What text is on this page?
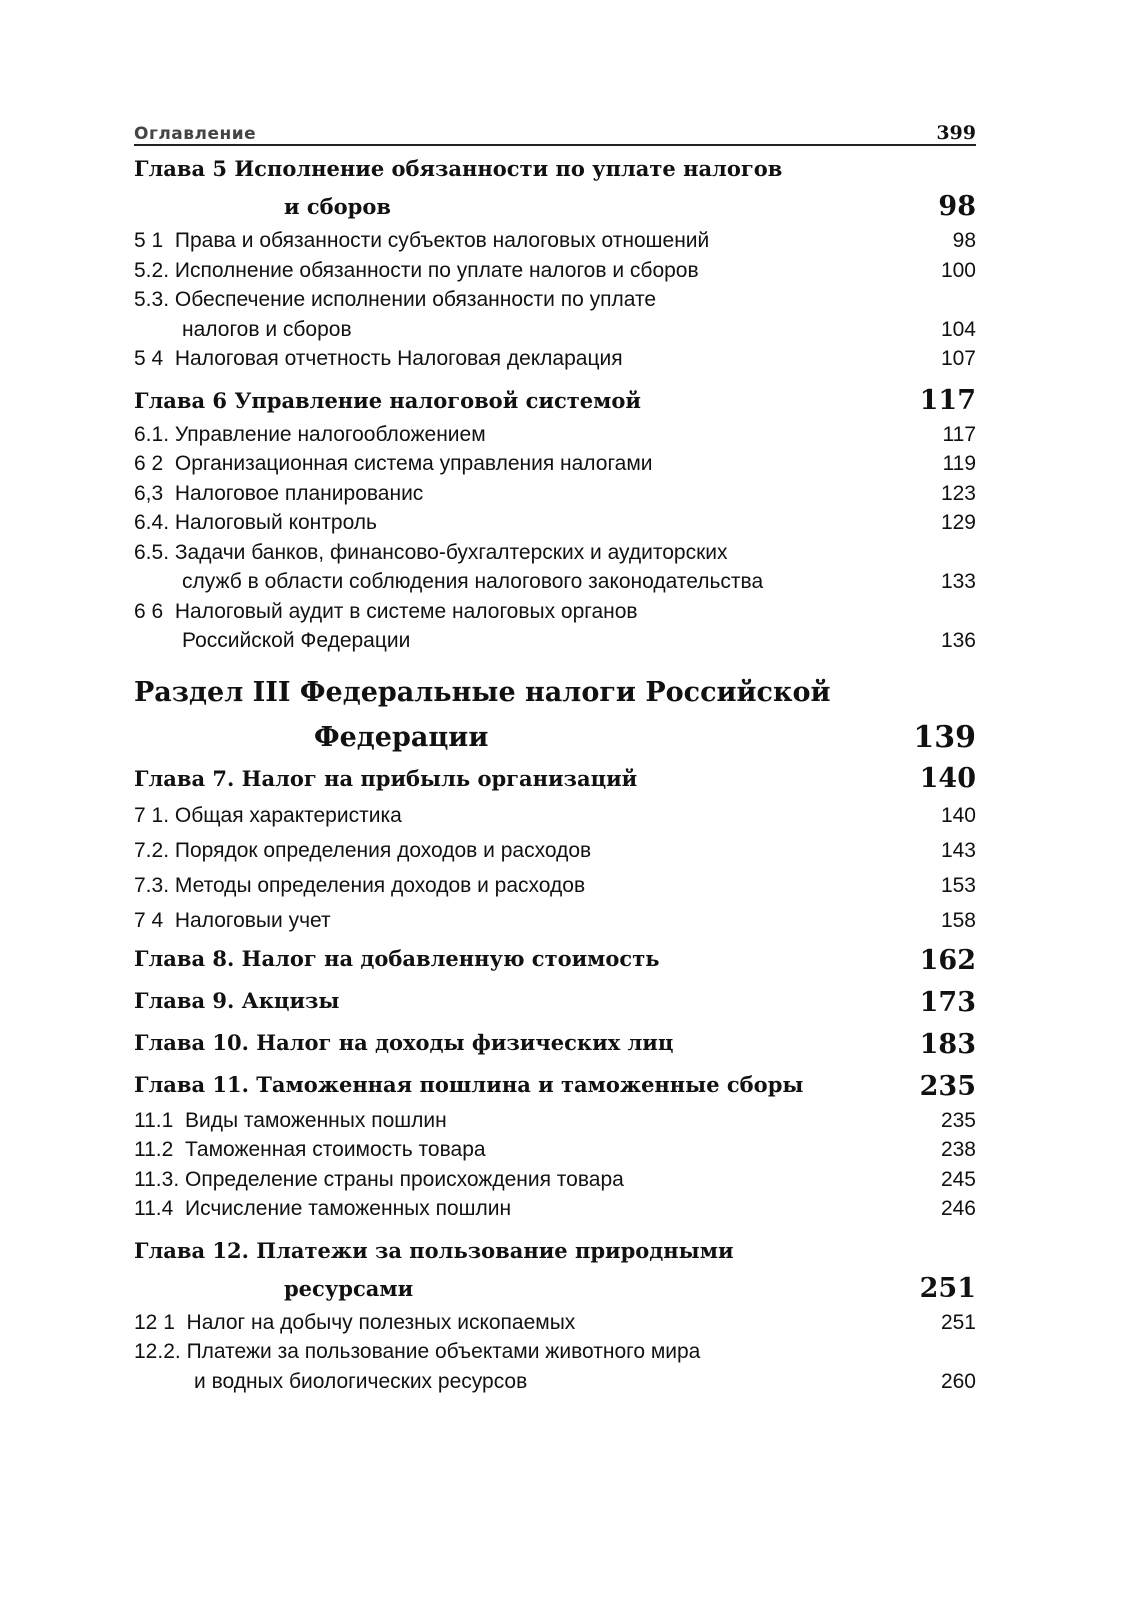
Оглавление	399
Глава 5 Исполнение обязанности по уплате налогов
и сборов	98
5 1 Права и обязанности субъектов налоговых отношений	98
5.2. Исполнение обязанности по уплате налогов и сборов	100
5.3. Обеспечение исполнении обязанности по уплате
налогов и сборов	104
5 4 Налоговая отчетность Налоговая декларация	107
Глава 6 Управление налоговой системой	117
6.1. Управление налогообложением	117
6 2 Организационная система управления налогами	119
6,3 Налоговое планированис	123
6.4. Налоговый контроль	129
6.5. Задачи банков, финансово-бухгалтерских и аудиторских
служб в области соблюдения налогового законодательства	133
6 6 Налоговый аудит в системе налоговых органов
Российской Федерации	136
Раздел III Федеральные налоги Российской
Федерации	139
Глава 7. Налог на прибыль организаций	140
7 1. Общая характеристика	140
7.2. Порядок определения доходов и расходов	143
7.3. Методы определения доходов и расходов	153
7 4 Налоговыи учет	158
Глава 8. Налог на добавленную стоимость	162
Глава 9. Акцизы	173
Глава 10. Налог на доходы физических лиц	183
Глава 11. Таможенная пошлина и таможенные сборы	235
11.1 Виды таможенных пошлин	235
11.2 Таможенная стоимость товара	238
11.3. Определение страны происхождения товара	245
11.4 Исчисление таможенных пошлин	246
Глава 12. Платежи за пользование природными
ресурсами	251
12 1 Налог на добычу полезных ископаемых	251
12.2. Платежи за пользование объектами животного мира
и водных биологических ресурсов	260
